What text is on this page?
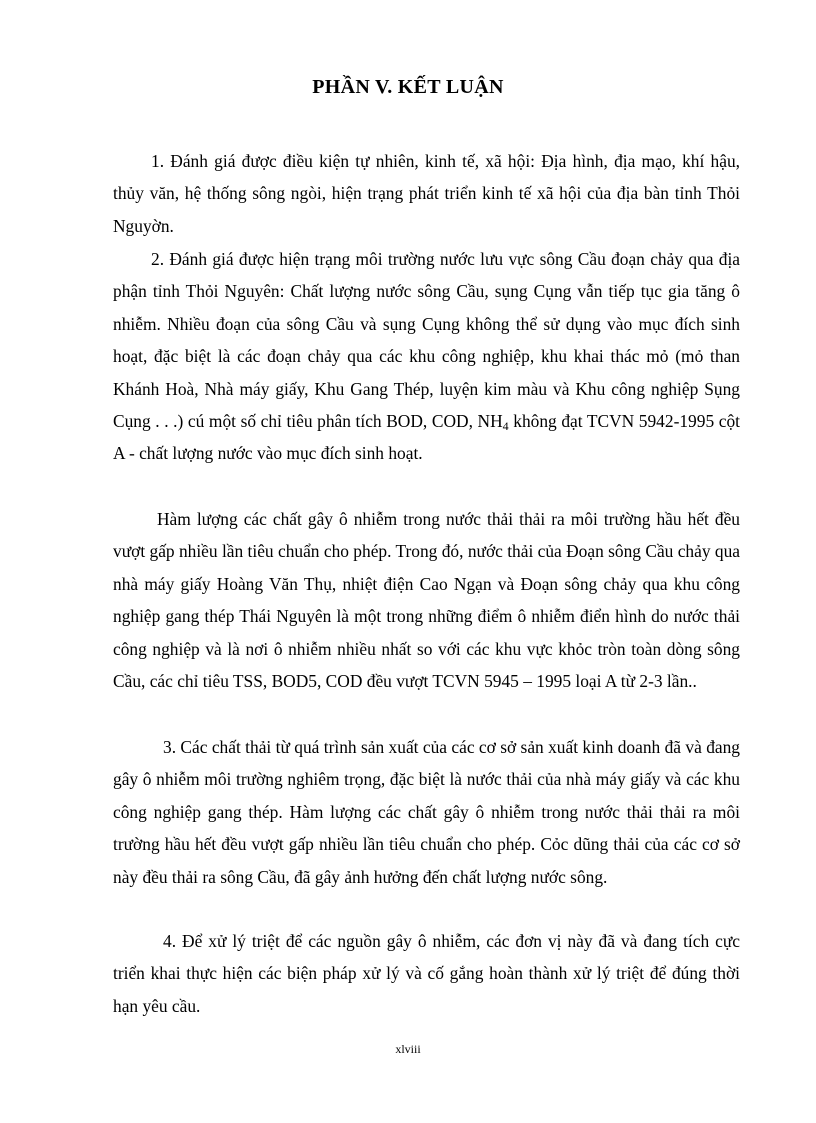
PHẦN V. KẾT LUẬN

1. Đánh giá được điều kiện tự nhiên, kinh tế, xã hội: Địa hình, địa mạo, khí hậu, thủy văn, hệ thống sông ngòi, hiện trạng phát triển kinh tế xã hội của địa bàn tỉnh Thỏi Nguyờn.

2. Đánh giá được hiện trạng môi trường nước lưu vực sông Cầu đoạn chảy qua địa phận tỉnh Thỏi Nguyên: Chất lượng nước sông Cầu, sụng Cụng vẫn tiếp tục gia tăng ô nhiễm. Nhiều đoạn của sông Cầu và sụng Cụng không thể sử dụng vào mục đích sinh hoạt, đặc biệt là các đoạn chảy qua các khu công nghiệp, khu khai thác mỏ (mỏ than Khánh Hoà, Nhà máy giấy, Khu Gang Thép, luyện kim màu và Khu công nghiệp Sụng Cụng . . .) cú một số chỉ tiêu phân tích BOD, COD, $NH_4$ không đạt TCVN 5942-1995 cột A - chất lượng nước vào mục đích sinh hoạt.

Hàm lượng các chất gây ô nhiễm trong nước thải thải ra môi trường hầu hết đều vượt gấp nhiều lần tiêu chuẩn cho phép. Trong đó, nước thải của Đoạn sông Cầu chảy qua nhà máy giấy Hoàng Văn Thụ, nhiệt điện Cao Ngạn và Đoạn sông chảy qua khu công nghiệp gang thép Thái Nguyên là một trong những điểm ô nhiễm điển hình do nước thải công nghiệp và là nơi ô nhiễm nhiều nhất so với các khu vực khỏc tròn toàn dòng sông Cầu, các chỉ tiêu TSS, BOD5, COD đều vượt TCVN 5945 – 1995 loại A từ 2-3 lần..

3. Các chất thải từ quá trình sản xuất của các cơ sở sản xuất kinh doanh đã và đang gây ô nhiễm môi trường nghiêm trọng, đặc biệt là nước thải của nhà máy giấy và các khu công nghiệp gang thép. Hàm lượng các chất gây ô nhiễm trong nước thải thải ra môi trường hầu hết đều vượt gấp nhiều lần tiêu chuẩn cho phép. Cỏc dũng thải của các cơ sở này đều thải ra sông Cầu, đã gây ảnh hưởng đến chất lượng nước sông.

4. Để xử lý triệt để các nguồn gây ô nhiễm, các đơn vị này đã và đang tích cực triển khai thực hiện các biện pháp xử lý và cố gắng hoàn thành xử lý triệt để đúng thời hạn yêu cầu.

xlviii
